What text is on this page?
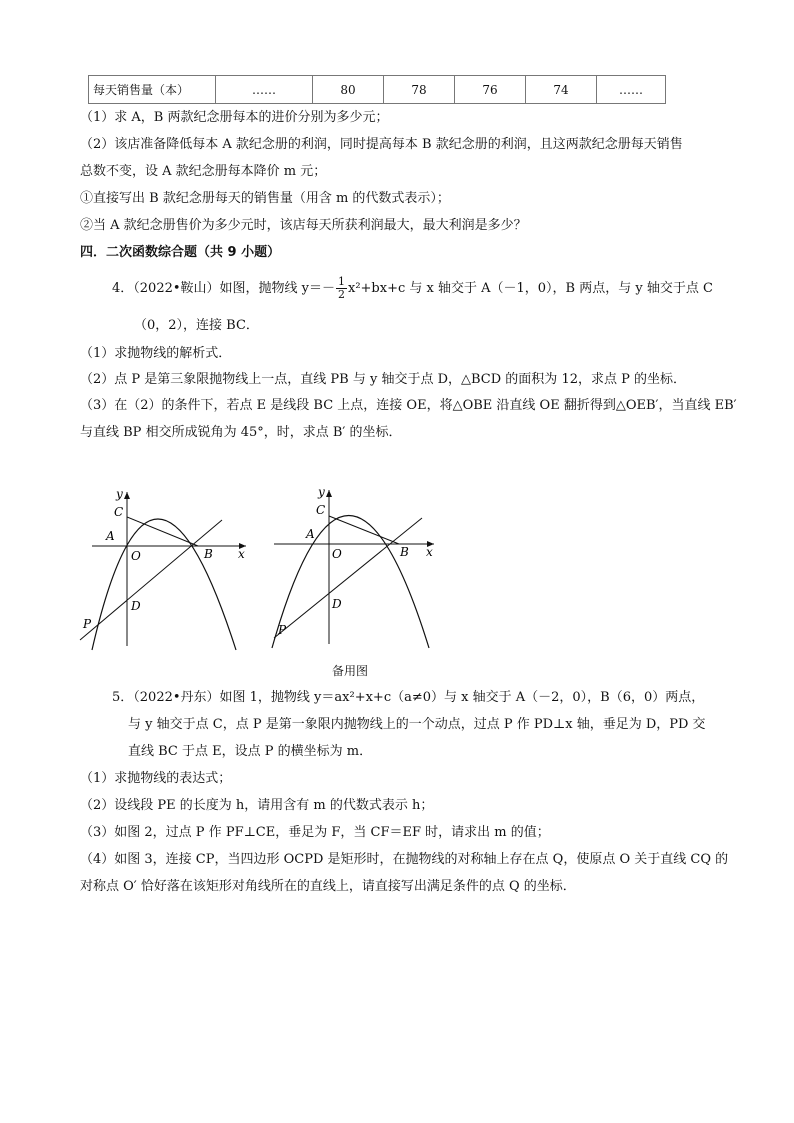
每天销售量（本）	……	80	78	76	74	……
（1）求 A，B 两款纪念册每本的进价分别为多少元；
（2）该店准备降低每本 A 款纪念册的利润，同时提高每本 B 款纪念册的利润，且这两款纪念册每天销售
总数不变，设 A 款纪念册每本降价 m 元；
①直接写出 B 款纪念册每天的销售量（用含 m 的代数式表示）；
②当 A 款纪念册售价为多少元时，该店每天所获利润最大，最大利润是多少？
四．二次函数综合题（共 9 小题）
4．（2022•鞍山）如图，抛物线 $y=- \frac{1}{2} x^2+bx+c$ 与 x 轴交于 A（－1，0），B 两点，与 y 轴交于点 C
（0，2），连接 BC．
（1）求抛物线的解析式．
（2）点 P 是第三象限抛物线上一点，直线 PB 与 y 轴交于点 D，△BCD 的面积为 12，求点 P 的坐标．
（3）在（2）的条件下，若点 E 是线段 BC 上点，连接 OE，将△OBE 沿直线 OE 翻折得到△OEB′，当直线 EB′
与直线 BP 相交所成锐角为 45°，时，求点 B′ 的坐标．
y
C
A
O	B x
D
P
y
C
A
O	B x
D
P
备用图
5．（2022•丹东）如图 1，抛物线 y＝ax²+x+c（a≠0）与 x 轴交于 A（－2，0），B（6，0）两点，
与 y 轴交于点 C，点 P 是第一象限内抛物线上的一个动点，过点 P 作 PD⊥x 轴，垂足为 D，PD 交
直线 BC 于点 E，设点 P 的横坐标为 m．
（1）求抛物线的表达式；
（2）设线段 PE 的长度为 h，请用含有 m 的代数式表示 h；
（3）如图 2，过点 P 作 PF⊥CE，垂足为 F，当 CF＝EF 时，请求出 m 的值；
（4）如图 3，连接 CP，当四边形 OCPD 是矩形时，在抛物线的对称轴上存在点 Q，使原点 O 关于直线 CQ 的
对称点 O′ 恰好落在该矩形对角线所在的直线上，请直接写出满足条件的点 Q 的坐标．
